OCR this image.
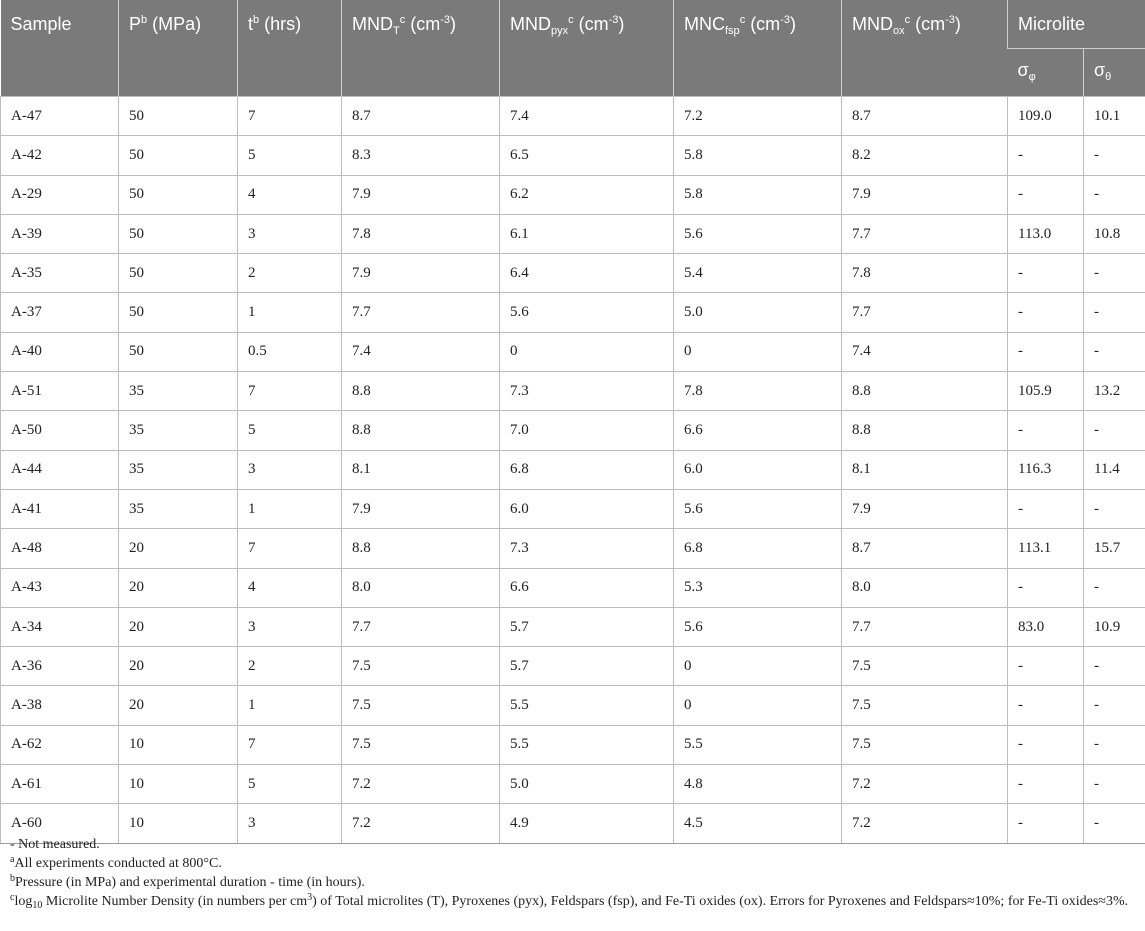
Sample	$P^b$ (MPa)	$t^b$ (hrs)	$MND_T^c$ $(cm^{-3})$	$MND_{pyx}^c$ $(cm^{-3})$	$MNC_{fsp}^c$ $(cm^{-3})$	$MND_{ox}^c$ $(cm^{-3})$	Microlite	
							$\sigma_\varphi$	$\sigma_\theta$
A-47	50	7	8.7	7.4	7.2	8.7	109.0	10.1
A-42	50	5	8.3	6.5	5.8	8.2	-	-
A-29	50	4	7.9	6.2	5.8	7.9	-	-
A-39	50	3	7.8	6.1	5.6	7.7	113.0	10.8
A-35	50	2	7.9	6.4	5.4	7.8	-	-
A-37	50	1	7.7	5.6	5.0	7.7	-	-
A-40	50	0.5	7.4	0	0	7.4	-	-
A-51	35	7	8.8	7.3	7.8	8.8	105.9	13.2
A-50	35	5	8.8	7.0	6.6	8.8	-	-
A-44	35	3	8.1	6.8	6.0	8.1	116.3	11.4
A-41	35	1	7.9	6.0	5.6	7.9	-	-
A-48	20	7	8.8	7.3	6.8	8.7	113.1	15.7
A-43	20	4	8.0	6.6	5.3	8.0	-	-
A-34	20	3	7.7	5.7	5.6	7.7	83.0	10.9
A-36	20	2	7.5	5.7	0	7.5	-	-
A-38	20	1	7.5	5.5	0	7.5	-	-
A-62	10	7	7.5	5.5	5.5	7.5	-	-
A-61	10	5	7.2	5.0	4.8	7.2	-	-
A-60	10	3	7.2	4.9	4.5	7.2	-	-

- Not measured.

$^a$All experiments conducted at 800°C.

$^b$Pressure (in MPa) and experimental duration - time (in hours).

$^c\log_{10}$ Microlite Number Density (in numbers per $cm^3$) of Total microlites (T), Pyroxenes (pyx), Feldspars (fsp), and Fe-Ti oxides (ox). Errors for Pyroxenes and Feldspars≈10%; for Fe-Ti oxides≈3%.
